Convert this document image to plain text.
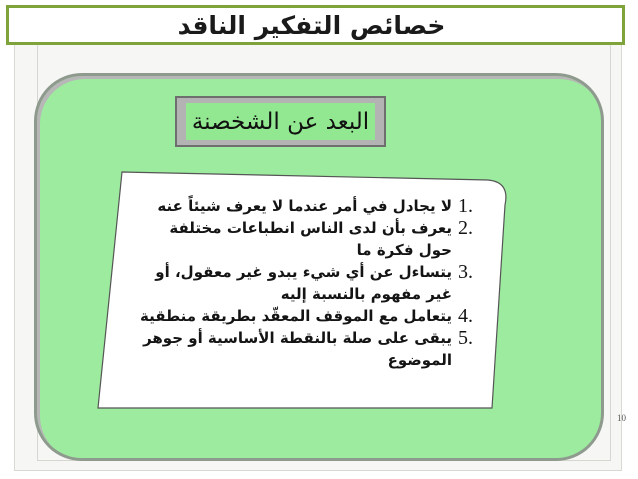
خصائص التفكير الناقد
البعد عن الشخصنة
1.
لا يجادل في أمر عندما لا يعرف شيئاً عنه
2.
يعرف بأن لدى الناس انطباعات مختلفة حول فكرة ما
3.
يتساءل عن أي شيء يبدو غير معقول، أو غير مفهوم بالنسبة إليه
4.
يتعامل مع الموقف المعقّد بطريقة منطقية
5.
يبقى على صلة بالنقطة الأساسية أو جوهر الموضوع
10
